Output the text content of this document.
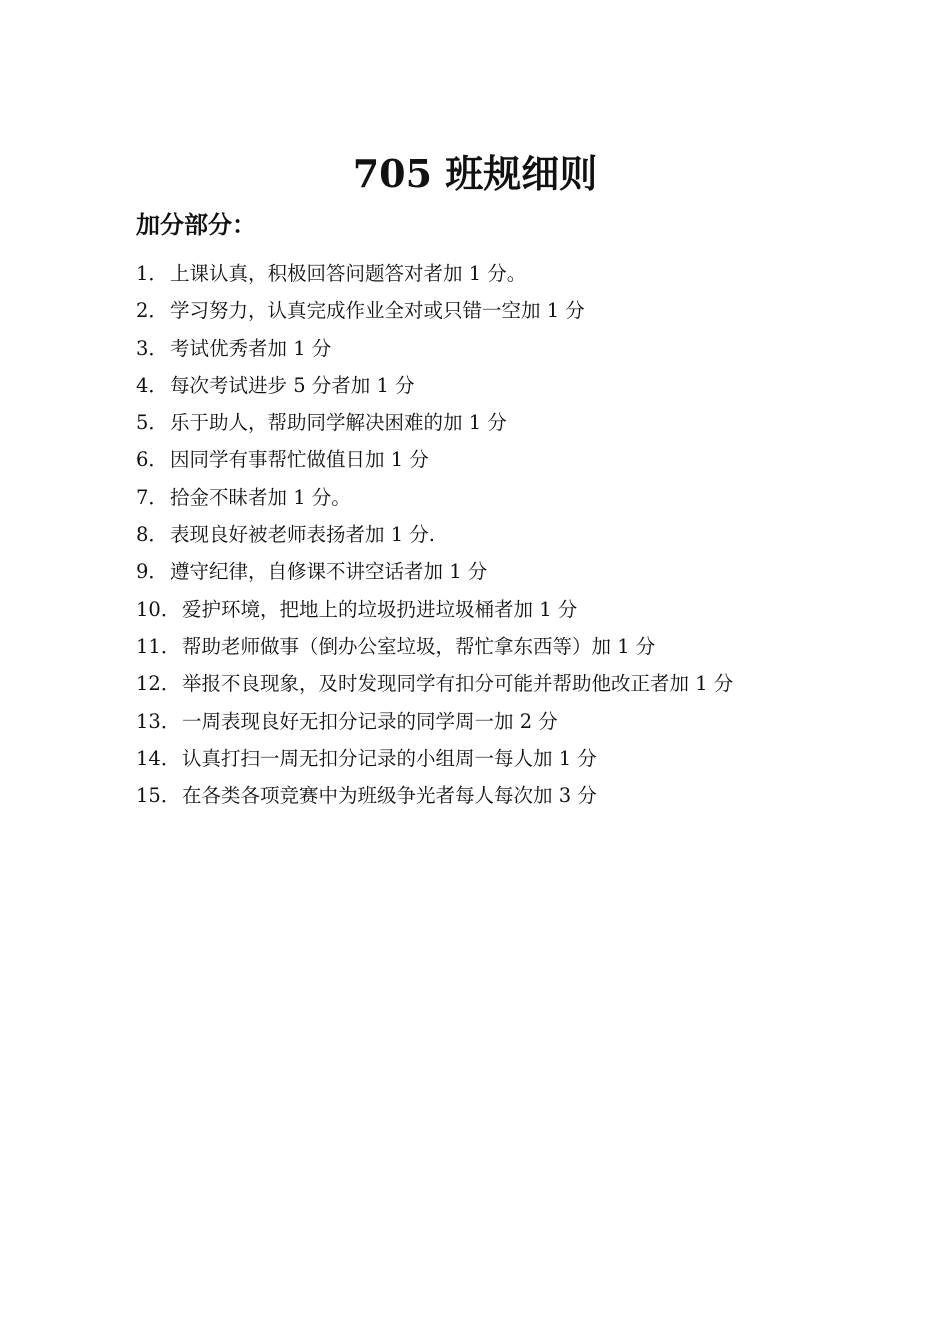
705 班规细则
加分部分：
1． 上课认真，积极回答问题答对者加 1 分。
2． 学习努力，认真完成作业全对或只错一空加 1 分
3． 考试优秀者加 1 分
4． 每次考试进步 5 分者加 1 分
5． 乐于助人，帮助同学解决困难的加 1 分
6． 因同学有事帮忙做值日加 1 分
7． 拾金不昧者加 1 分。
8． 表现良好被老师表扬者加 1 分.
9． 遵守纪律，自修课不讲空话者加 1 分
10．爱护环境，把地上的垃圾扔进垃圾桶者加 1 分
11．帮助老师做事（倒办公室垃圾，帮忙拿东西等）加 1 分
12．举报不良现象，及时发现同学有扣分可能并帮助他改正者加 1 分
13．一周表现良好无扣分记录的同学周一加 2 分
14．认真打扫一周无扣分记录的小组周一每人加 1 分
15．在各类各项竞赛中为班级争光者每人每次加 3 分
